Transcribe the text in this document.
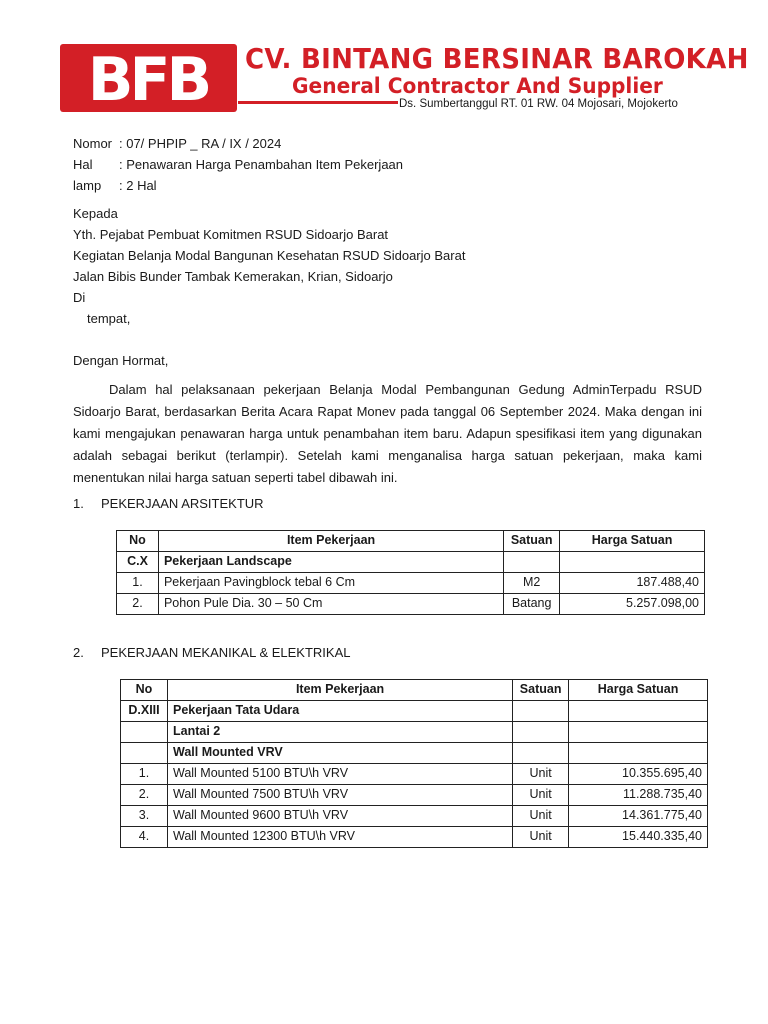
BFB CV. BINTANG BERSINAR BAROKAH
General Contractor And Supplier
Ds. Sumbertanggul RT. 01 RW. 04 Mojosari, Mojokerto
Nomor : 07/ PHPIP _ RA / IX / 2024
Hal	: Penawaran Harga Penambahan Item Pekerjaan
lamp	: 2 Hal
Kepada
Yth. Pejabat Pembuat Komitmen RSUD Sidoarjo Barat
Kegiatan Belanja Modal Bangunan Kesehatan RSUD Sidoarjo Barat
Jalan Bibis Bunder Tambak Kemerakan, Krian, Sidoarjo
Di
tempat,
Dengan Hormat,
Dalam hal pelaksanaan pekerjaan Belanja Modal Pembangunan Gedung AdminTerpadu RSUD Sidoarjo Barat, berdasarkan Berita Acara Rapat Monev pada tanggal 06 September 2024. Maka dengan ini kami mengajukan penawaran harga untuk penambahan item baru. Adapun spesifikasi item yang digunakan adalah sebagai berikut (terlampir). Setelah kami menganalisa harga satuan pekerjaan, maka kami menentukan nilai harga satuan seperti tabel dibawah ini.
1.	PEKERJAAN ARSITEKTUR
No	Item Pekerjaan	Satuan	Harga Satuan
C.X	Pekerjaan Landscape		
1.	Pekerjaan Pavingblock tebal 6 Cm	M2	187.488,40
2.	Pohon Pule Dia. 30 – 50 Cm	Batang	5.257.098,00
2.	PEKERJAAN MEKANIKAL & ELEKTRIKAL
No	Item Pekerjaan	Satuan	Harga Satuan
D.XIII	Pekerjaan Tata Udara		
	Lantai 2		
	Wall Mounted VRV		
1.	Wall Mounted 5100 BTU\h VRV	Unit	10.355.695,40
2.	Wall Mounted 7500 BTU\h VRV	Unit	11.288.735,40
3.	Wall Mounted 9600 BTU\h VRV	Unit	14.361.775,40
4.	Wall Mounted 12300 BTU\h VRV	Unit	15.440.335,40
